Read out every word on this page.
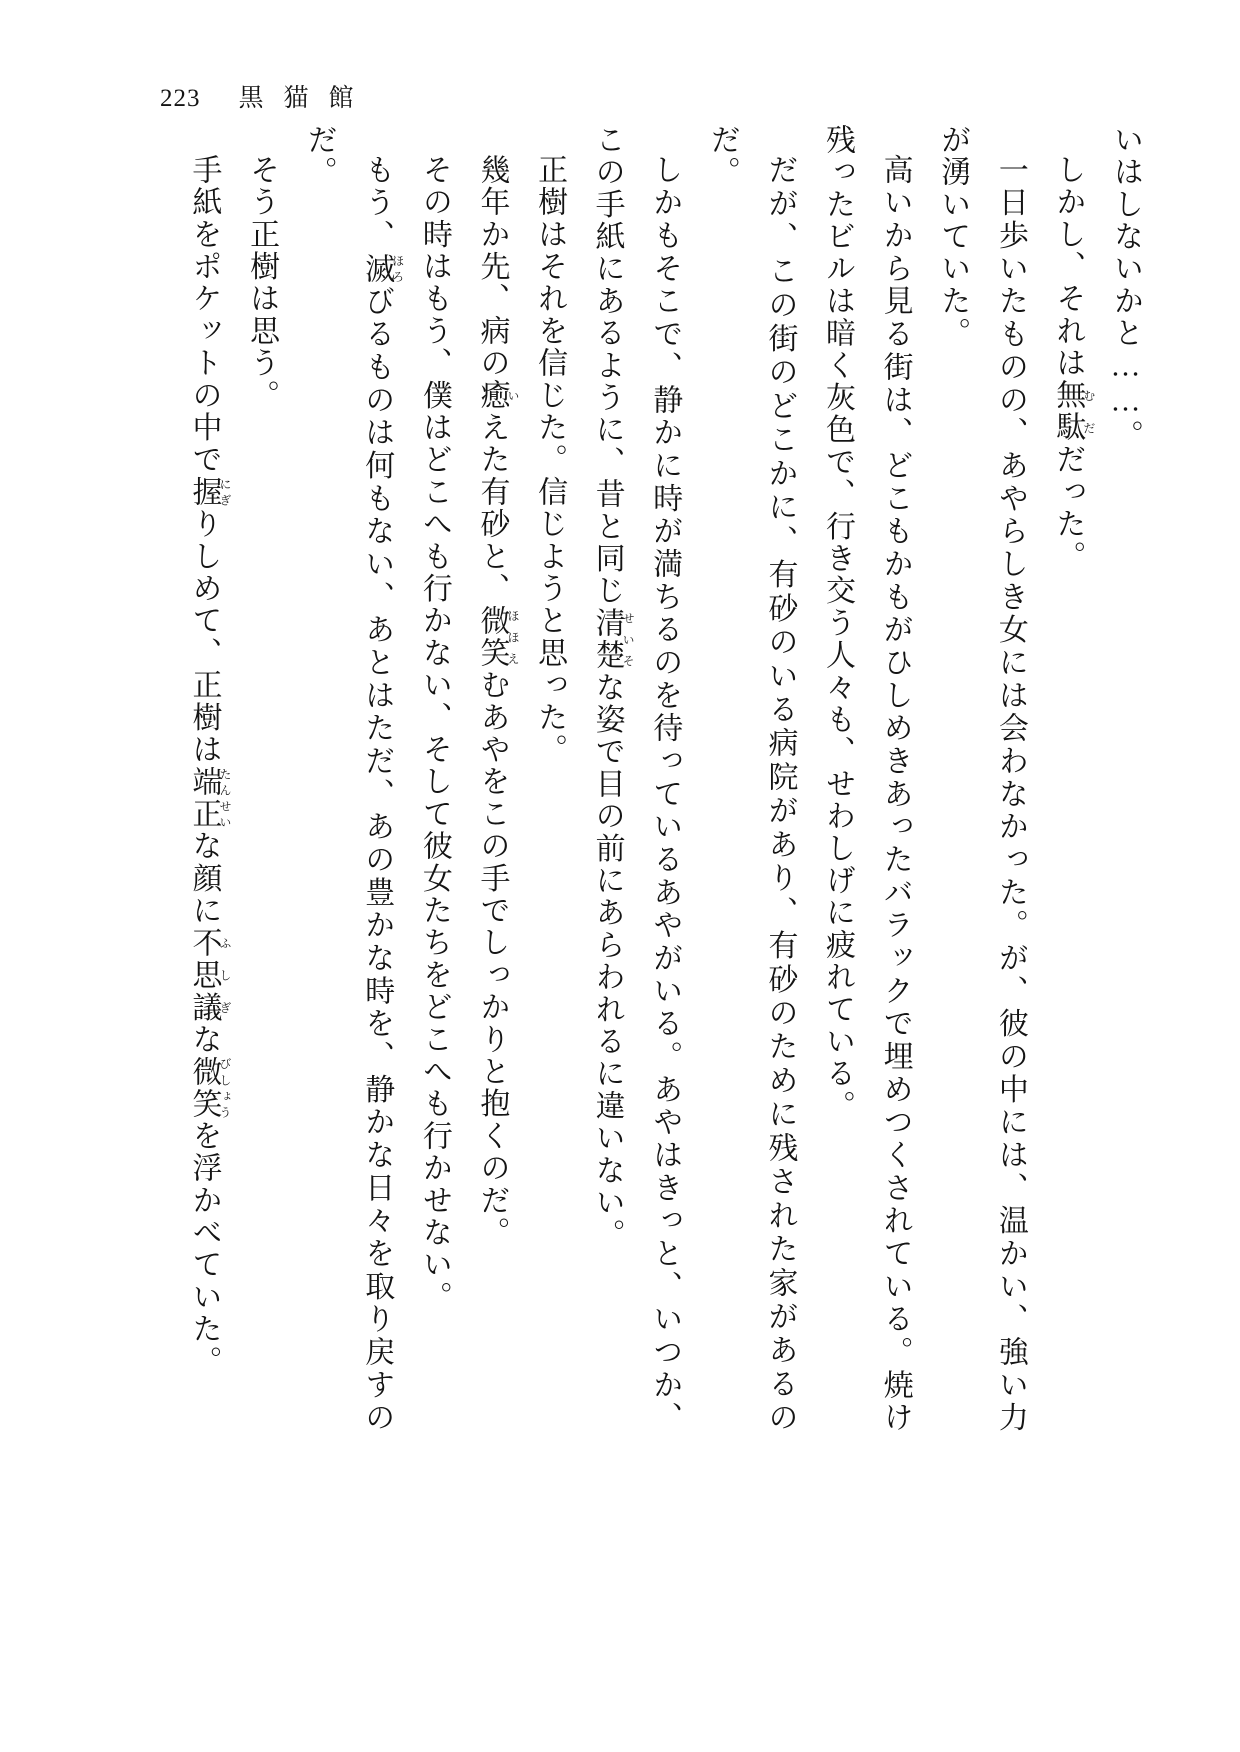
223 黒猫館

いはしないかと……。

しかし、それは無駄むだだった。

一日歩いたものの、あやらしき女には会わなかった。が、彼の中には、温かい、強い力が湧いていた。

高いから見る街は、どこもかもがひしめきあったバラックで埋めつくされている。焼け残ったビルは暗く灰色で、行き交う人々も、せわしげに疲れている。

だが、この街のどこかに、有砂のいる病院があり、有砂のために残された家があるのだ。

しかもそこで、静かに時が満ちるのを待っているあやがいる。あやはきっと、いつか、この手紙にあるように、昔と同じ清楚せいそな姿で目の前にあらわれるに違いない。

正樹はそれを信じた。信じようと思った。

幾年か先、病の癒いえた有砂と、微笑ほほえむあやをこの手でしっかりと抱くのだ。

その時はもう、僕はどこへも行かない、そして彼女たちをどこへも行かせない。

もう、滅ほろびるものは何もない、あとはただ、あの豊かな時を、静かな日々を取り戻すのだ。

そう正樹は思う。

手紙をポケットの中で握にぎりしめて、正樹は端正たんせいな顔に不思議ふしぎな微笑びしょうを浮かべていた。
